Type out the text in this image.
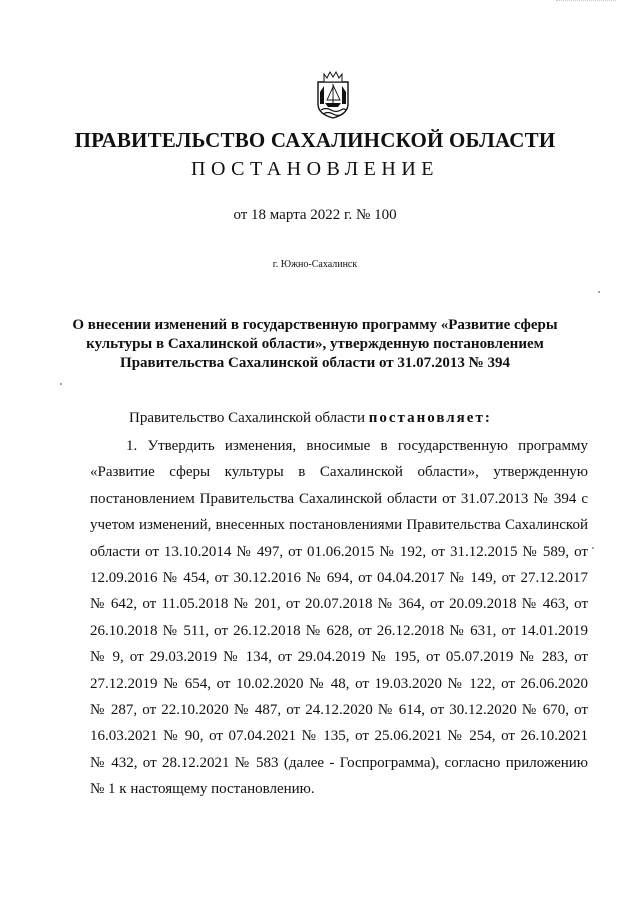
ПРАВИТЕЛЬСТВО САХАЛИНСКОЙ ОБЛАСТИ
ПОСТАНОВЛЕНИЕ
от 18 марта 2022 г. № 100
г. Южно-Сахалинск
О внесении изменений в государственную программу «Развитие сферы
культуры в Сахалинской области», утвержденную постановлением
Правительства Сахалинской области от 31.07.2013 № 394
Правительство Сахалинской области постановляет:
1. Утвердить изменения, вносимые в государственную программу
«Развитие сферы культуры в Сахалинской области», утвержденную
постановлением Правительства Сахалинской области от 31.07.2013 № 394 с
учетом изменений, внесенных постановлениями Правительства Сахалинской
области от 13.10.2014 № 497, от 01.06.2015 № 192, от 31.12.2015 № 589, от
12.09.2016 № 454, от 30.12.2016 № 694, от 04.04.2017 № 149, от 27.12.2017
№ 642, от 11.05.2018 № 201, от 20.07.2018 № 364, от 20.09.2018 № 463, от
26.10.2018 № 511, от 26.12.2018 № 628, от 26.12.2018 № 631, от 14.01.2019
№ 9, от 29.03.2019 № 134, от 29.04.2019 № 195, от 05.07.2019 № 283, от
27.12.2019 № 654, от 10.02.2020 № 48, от 19.03.2020 № 122, от 26.06.2020
№ 287, от 22.10.2020 № 487, от 24.12.2020 № 614, от 30.12.2020 № 670, от
16.03.2021 № 90, от 07.04.2021 № 135, от 25.06.2021 № 254, от 26.10.2021
№ 432, от 28.12.2021 № 583 (далее - Госпрограмма), согласно приложению
№ 1 к настоящему постановлению.
